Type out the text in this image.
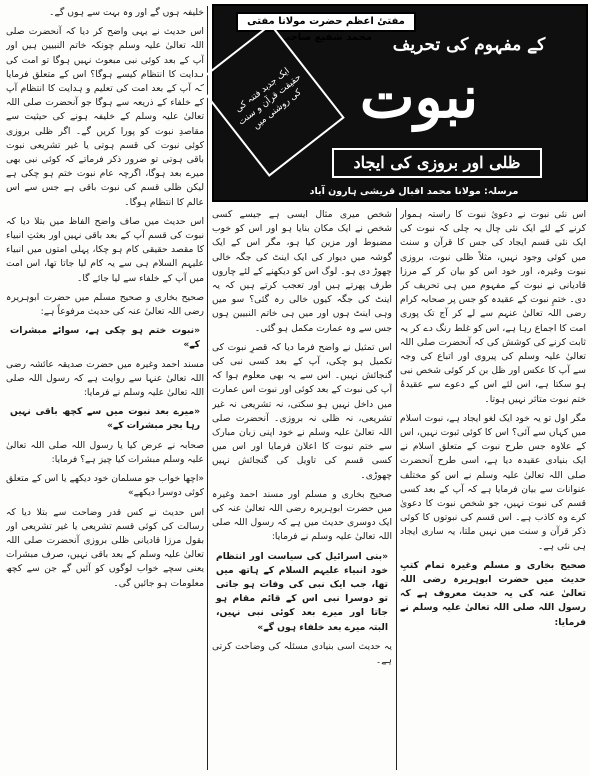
خلیفہ ہوں گے اور وہ بہت سے ہوں گے۔

اس حدیث نے یہی واضح کر دیا کہ آنحضرت صلی اللہ تعالیٰ علیہ وسلم چونکہ خاتم النبیین ہیں اور آپ کے بعد کوئی نبی مبعوث نہیں ہوگا تو امت کی ہدایت کا انتظام کیسے ہوگا؟ اس کے متعلق فرمایا کہ آپ کے بعد امت کی تعلیم و ہدایت کا انتظام آپ کے خلفاء کے ذریعہ سے ہوگا جو آنحضرت صلی اللہ تعالیٰ علیہ وسلم کے خلیفہ ہونے کی حیثیت سے مقاصدِ نبوت کو پورا کریں گے۔ اگر ظلی بروزی کوئی نبوت کی قسم ہوتی یا غیر تشریعی نبوت باقی ہوتی تو ضرور ذکر فرماتے کہ کوئی نبی بھی میرے بعد ہوگا، اگرچہ عام نبوت ختم ہو چکی ہے لیکن ظلی قسم کی نبوت باقی ہے جس سے اس عالم کا انتظام ہوگا۔

اس حدیث میں صاف واضح الفاظ میں بتلا دیا کہ نبوت کی قسم آپ کے بعد باقی نہیں اور بعثتِ انبیاء کا مقصد حقیقی کام ہو چکا، پہلی امتوں میں انبیاء علیہم السلام ہی سے یہ کام لیا جاتا تھا، اس امت میں آپ کے خلفاء سے لیا جائے گا۔

صحیح بخاری و صحیح مسلم میں حضرت ابوہریرہ رضی اللہ تعالیٰ عنہ کی حدیث مرفوعاً ہے:

«نبوت ختم ہو چکی ہے، سوائے مبشرات کے»

مسند احمد وغیرہ میں حضرت صدیقہ عائشہ رضی اللہ تعالیٰ عنہا سے روایت ہے کہ رسول اللہ صلی اللہ تعالیٰ علیہ وسلم نے فرمایا:

«میرے بعد نبوت میں سے کچھ باقی نہیں رہا بجز مبشرات کے»

صحابہ نے عرض کیا یا رسول اللہ صلی اللہ تعالیٰ علیہ وسلم مبشرات کیا چیز ہے؟ فرمایا:

«اچھا خواب جو مسلمان خود دیکھے یا اس کے متعلق کوئی دوسرا دیکھے»

اس حدیث نے کس قدر وضاحت سے بتلا دیا کہ رسالت کی کوئی قسم تشریعی یا غیر تشریعی اور بقول مرزا قادیانی ظلی بروزی آنحضرت صلی اللہ تعالیٰ علیہ وسلم کے بعد باقی نہیں، صرف مبشرات یعنی سچے خواب لوگوں کو آئیں گے جن سے کچھ معلومات ہو جائیں گی۔

مفتیٔ اعظم حضرت مولانا مفتی محمد شفیع صاحب
ایک جدید فتنہ کی حقیقت قرآن و سنت کی روشنی میں
کے مفہوم کی تحریف
نبوت
ظلی اور بروزی کی ایجاد
مرسلہ: مولانا محمد اقبال قریشی ہارون آباد

شخص میری مثال ایسی ہے جیسے کسی شخص نے ایک مکان بنایا ہو اور اس کو خوب مضبوط اور مزین کیا ہو، مگر اس کے ایک گوشہ میں دیوار کی ایک اینٹ کی جگہ خالی چھوڑ دی ہو۔ لوگ اس کو دیکھنے کے لئے چاروں طرف پھرتے ہیں اور تعجب کرتے ہیں کہ یہ اینٹ کی جگہ کیوں خالی رہ گئی؟ سو میں وہی اینٹ ہوں اور میں ہی خاتم النبیین ہوں جس سے وہ عمارت مکمل ہو گئی۔

اس تمثیل نے واضح فرما دیا کہ قصرِ نبوت کی تکمیل ہو چکی، آپ کے بعد کسی نبی کی گنجائش نہیں۔ اس سے یہ بھی معلوم ہوا کہ آپ کی نبوت کے بعد کوئی اور نبوت اس عمارت میں داخل نہیں ہو سکتی، نہ تشریعی نہ غیر تشریعی، نہ ظلی نہ بروزی۔ آنحضرت صلی اللہ تعالیٰ علیہ وسلم نے خود اپنی زبان مبارک سے ختم نبوت کا اعلان فرمایا اور اس میں کسی قسم کی تاویل کی گنجائش نہیں چھوڑی۔

صحیح بخاری و مسلم اور مسند احمد وغیرہ میں حضرت ابوہریرہ رضی اللہ تعالیٰ عنہ کی ایک دوسری حدیث میں ہے کہ رسول اللہ صلی اللہ تعالیٰ علیہ وسلم نے فرمایا:

«بنی اسرائیل کی سیاست اور انتظام خود انبیاء علیہم السلام کے ہاتھ میں تھا، جب ایک نبی کی وفات ہو جاتی تو دوسرا نبی اس کے قائم مقام ہو جاتا اور میرے بعد کوئی نبی نہیں، البتہ میرے بعد خلفاء ہوں گے»

یہ حدیث اسی بنیادی مسئلہ کی وضاحت کرتی ہے۔

اس نئی نبوت نے دعویٔ نبوت کا راستہ ہموار کرنے کے لئے ایک نئی چال یہ چلی کہ نبوت کی ایک نئی قسم ایجاد کی جس کا قرآن و سنت میں کوئی وجود نہیں، مثلاً ظلی نبوت، بروزی نبوت وغیرہ، اور خود اس کو بیان کر کے مرزا قادیانی نے نبوت کے مفہوم میں ہی تحریف کر دی۔ ختمِ نبوت کے عقیدہ کو جس پر صحابہ کرام رضی اللہ تعالیٰ عنہم سے لے کر آج تک پوری امت کا اجماع رہا ہے، اس کو غلط رنگ دے کر یہ ثابت کرنے کی کوشش کی کہ آنحضرت صلی اللہ تعالیٰ علیہ وسلم کی پیروی اور اتباع کی وجہ سے آپ کا عکس اور ظل بن کر کوئی شخص نبی ہو سکتا ہے، اس لئے اس کے دعوے سے عقیدۂ ختم نبوت متاثر نہیں ہوتا۔

مگر اول تو یہ خود ایک لغو ایجاد ہے، نبوت اسلام میں کہاں سے آئی؟ اس کا کوئی ثبوت نہیں، اس کے علاوہ جس طرح نبوت کے متعلق اسلام نے ایک بنیادی عقیدہ دیا ہے، اسی طرح آنحضرت صلی اللہ تعالیٰ علیہ وسلم نے اس کو مختلف عنوانات سے بیان فرمایا ہے کہ آپ کے بعد کسی قسم کی نبوت نہیں، جو شخص نبوت کا دعویٰ کرے وہ کاذب ہے۔ اس قسم کی نبوتوں کا کوئی ذکر قرآن و سنت میں نہیں ملتا، یہ ساری ایجاد ہی نئی ہے۔

صحیح بخاری و مسلم وغیرہ تمام کتبِ حدیث میں حضرت ابوہریرہ رضی اللہ تعالیٰ عنہ کی یہ حدیث معروف ہے کہ رسول اللہ صلی اللہ تعالیٰ علیہ وسلم نے فرمایا:
